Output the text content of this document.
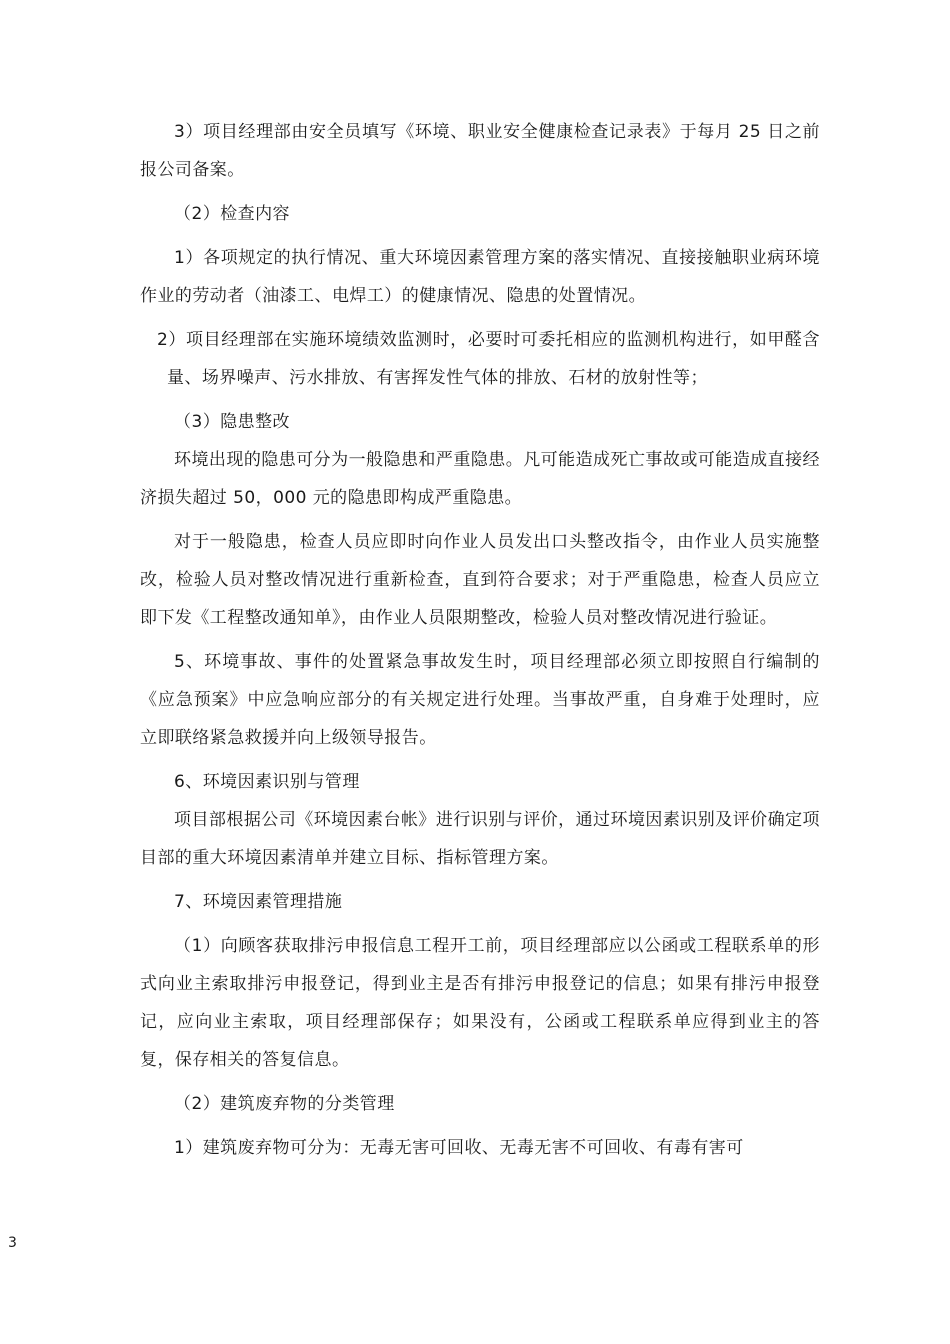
3）项目经理部由安全员填写《环境、职业安全健康检查记录表》于每月 25 日之前报公司备案。

（2）检查内容

1）各项规定的执行情况、重大环境因素管理方案的落实情况、直接接触职业病环境作业的劳动者（油漆工、电焊工）的健康情况、隐患的处置情况。

2）项目经理部在实施环境绩效监测时，必要时可委托相应的监测机构进行，如甲醛含量、场界噪声、污水排放、有害挥发性气体的排放、石材的放射性等；

（3）隐患整改

环境出现的隐患可分为一般隐患和严重隐患。凡可能造成死亡事故或可能造成直接经济损失超过 50，000 元的隐患即构成严重隐患。

对于一般隐患，检查人员应即时向作业人员发出口头整改指令，由作业人员实施整改，检验人员对整改情况进行重新检查，直到符合要求；对于严重隐患，检查人员应立即下发《工程整改通知单》，由作业人员限期整改，检验人员对整改情况进行验证。

5、环境事故、事件的处置紧急事故发生时，项目经理部必须立即按照自行编制的《应急预案》中应急响应部分的有关规定进行处理。当事故严重，自身难于处理时，应立即联络紧急救援并向上级领导报告。

6、环境因素识别与管理

项目部根据公司《环境因素台帐》进行识别与评价，通过环境因素识别及评价确定项目部的重大环境因素清单并建立目标、指标管理方案。

7、环境因素管理措施

（1）向顾客获取排污申报信息工程开工前，项目经理部应以公函或工程联系单的形式向业主索取排污申报登记，得到业主是否有排污申报登记的信息；如果有排污申报登记，应向业主索取，项目经理部保存；如果没有，公函或工程联系单应得到业主的答复，保存相关的答复信息。

（2）建筑废弃物的分类管理

1）建筑废弃物可分为：无毒无害可回收、无毒无害不可回收、有毒有害可

3
